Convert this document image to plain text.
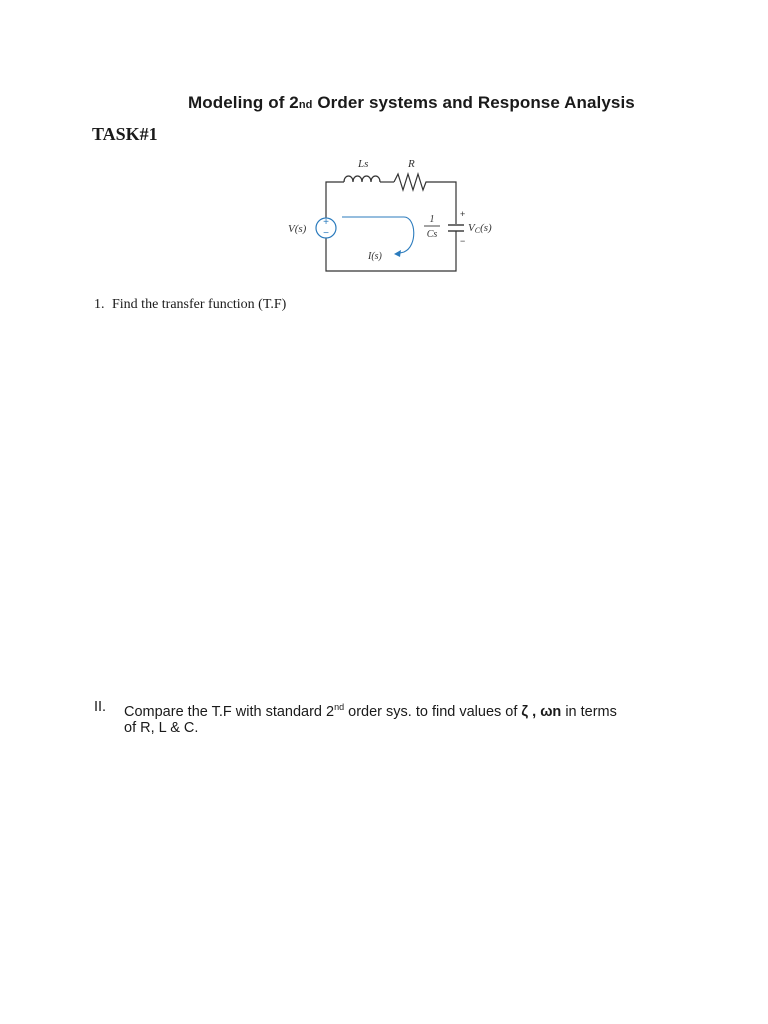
Modeling of 2nd Order systems and Response Analysis
TASK#1
Ls	R
+
−
V(s)
I(s)
1
Cs
+
−
VC(s)
1. Find the transfer function (T.F)
II. Compare the T.F with standard 2nd order sys. to find values of ζ , ωn in terms
of R, L & C.
